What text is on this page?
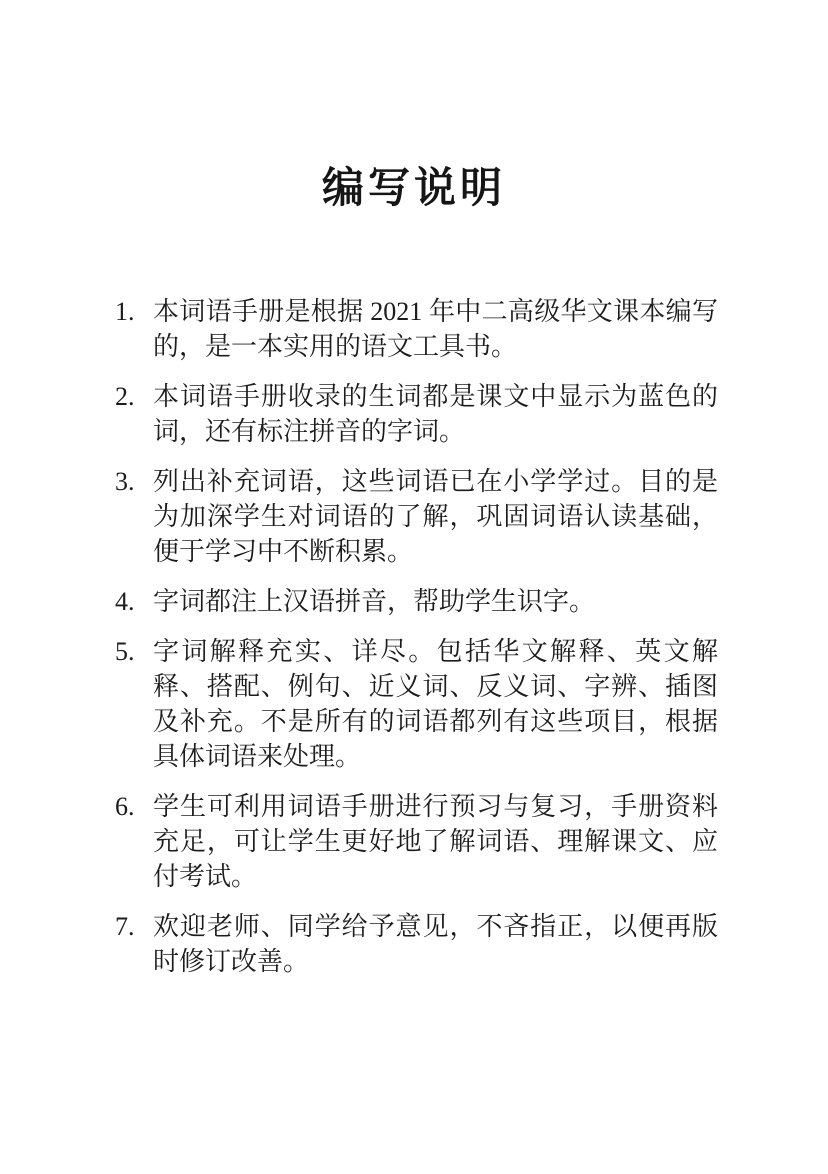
编写说明
1. 本词语手册是根据 2021 年中二高级华文课本编写的，是一本实用的语文工具书。
2. 本词语手册收录的生词都是课文中显示为蓝色的词，还有标注拼音的字词。
3. 列出补充词语，这些词语已在小学学过。目的是为加深学生对词语的了解，巩固词语认读基础，便于学习中不断积累。
4. 字词都注上汉语拼音，帮助学生识字。
5. 字词解释充实、详尽。包括华文解释、英文解释、搭配、例句、近义词、反义词、字辨、插图及补充。不是所有的词语都列有这些项目，根据具体词语来处理。
6. 学生可利用词语手册进行预习与复习，手册资料充足，可让学生更好地了解词语、理解课文、应付考试。
7. 欢迎老师、同学给予意见，不吝指正，以便再版时修订改善。
